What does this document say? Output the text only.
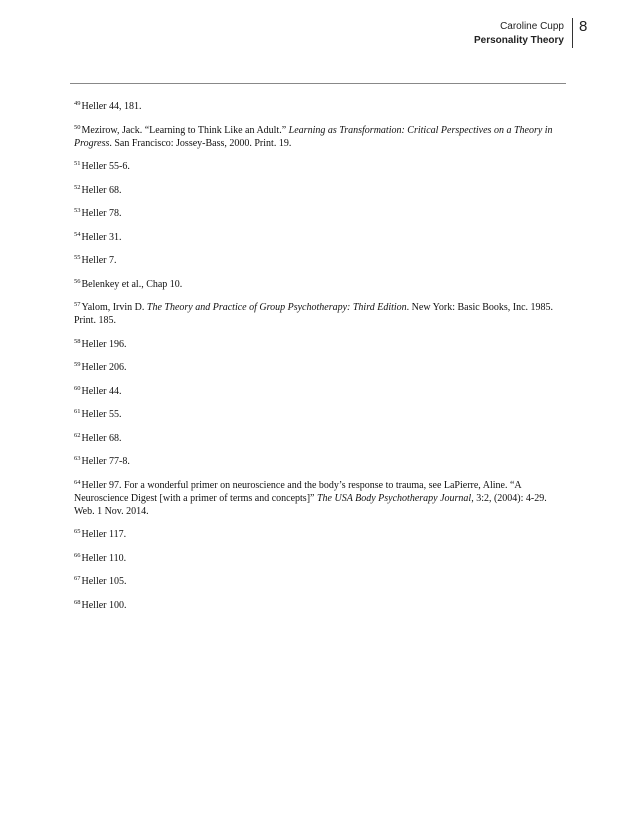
Caroline Cupp
Personality Theory
8

$^{49}$Heller 44, 181.

$^{50}$Mezirow, Jack. “Learning to Think Like an Adult.” Learning as Transformation: Critical Perspectives on a Theory in Progress. San Francisco: Jossey-Bass, 2000. Print. 19.

$^{51}$Heller 55-6.

$^{52}$Heller 68.

$^{53}$Heller 78.

$^{54}$Heller 31.

$^{55}$Heller 7.

$^{56}$Belenkey et al., Chap 10.

$^{57}$Yalom, Irvin D. The Theory and Practice of Group Psychotherapy: Third Edition. New York: Basic Books, Inc. 1985. Print. 185.

$^{58}$Heller 196.

$^{59}$Heller 206.

$^{60}$Heller 44.

$^{61}$Heller 55.

$^{62}$Heller 68.

$^{63}$Heller 77-8.

$^{64}$Heller 97. For a wonderful primer on neuroscience and the body’s response to trauma, see LaPierre, Aline. “A Neuroscience Digest [with a primer of terms and concepts]” The USA Body Psychotherapy Journal, 3:2, (2004): 4-29. Web. 1 Nov. 2014.

$^{65}$Heller 117.

$^{66}$Heller 110.

$^{67}$Heller 105.

$^{68}$Heller 100.
